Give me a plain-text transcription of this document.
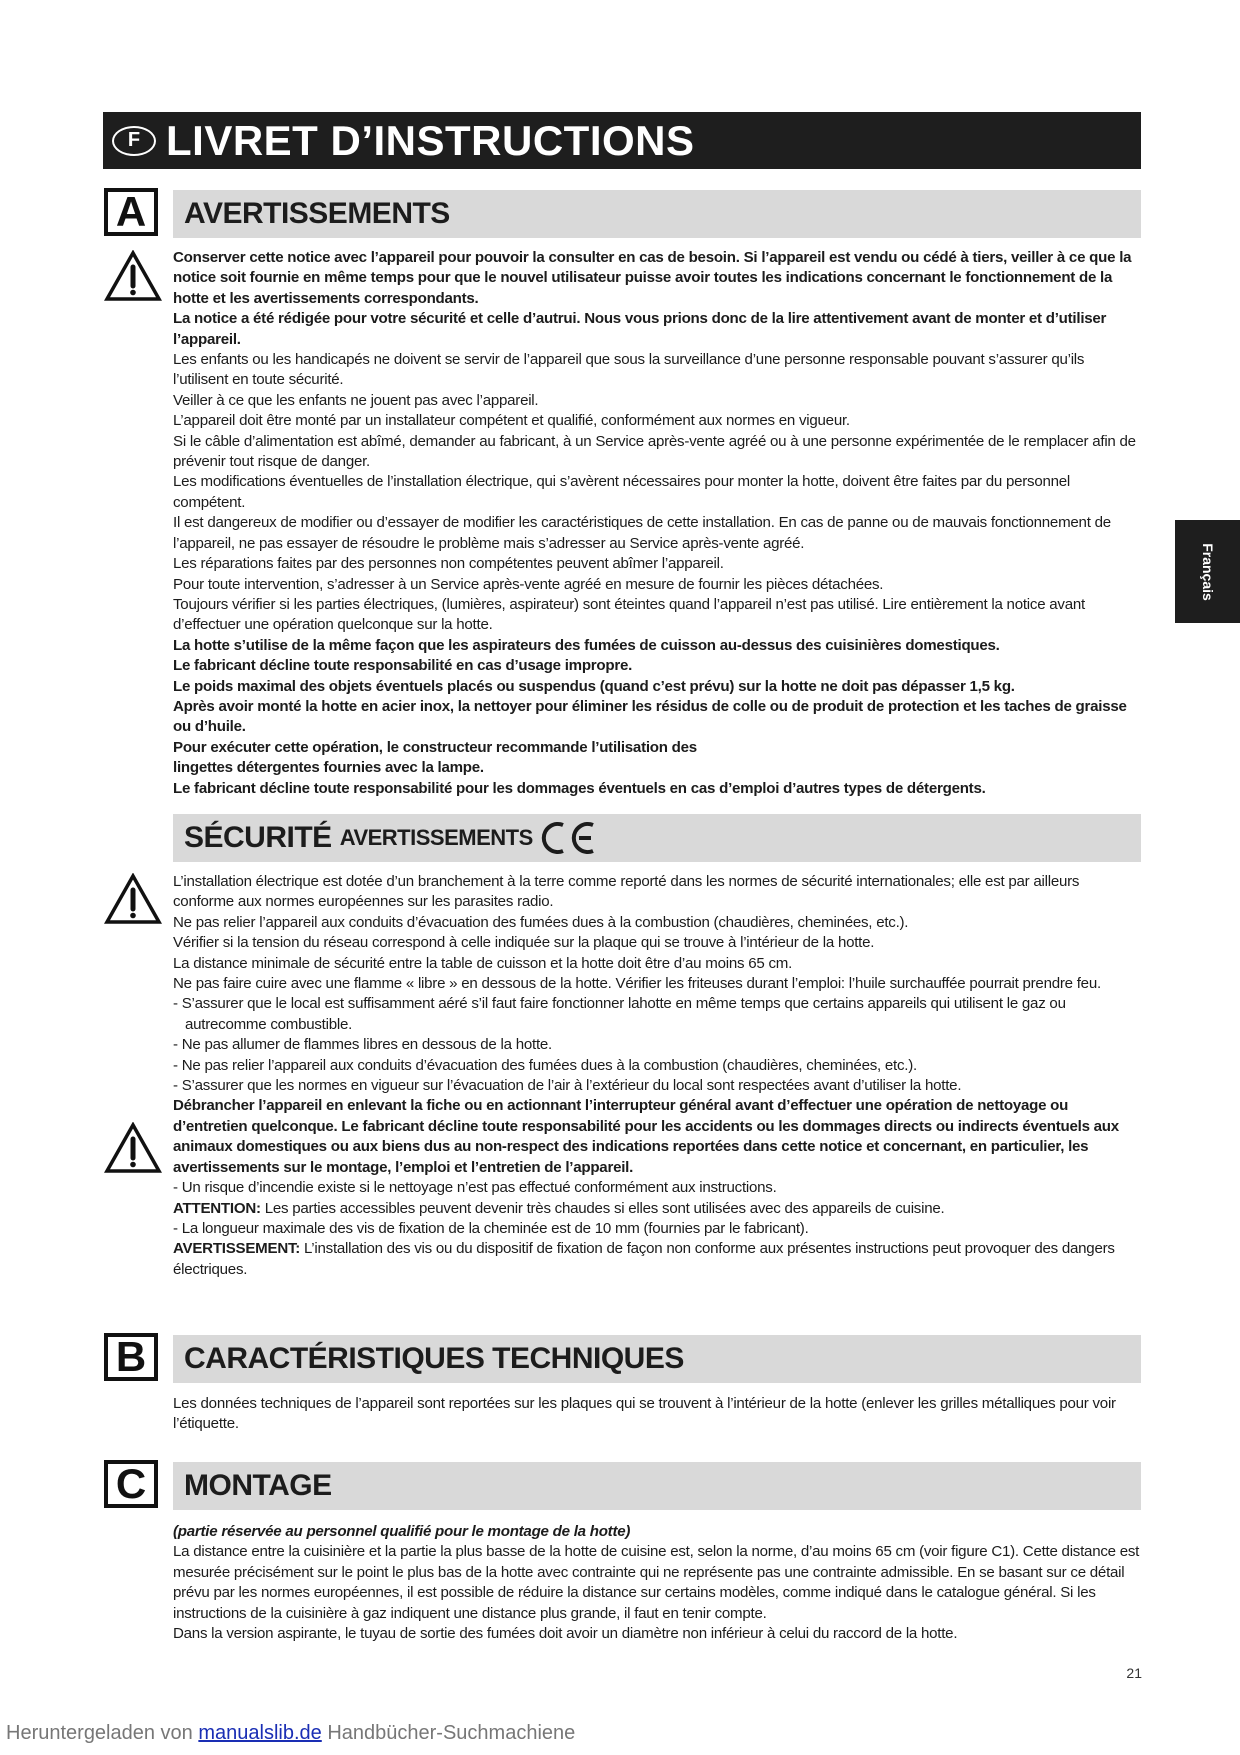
F LIVRET D’INSTRUCTIONS
Français
A	AVERTISSEMENTS

Conserver cette notice avec l’appareil pour pouvoir la consulter en cas de besoin. Si l’appareil est vendu ou cédé à tiers, veiller à ce que la notice soit fournie en même temps pour que le nouvel utilisateur puisse avoir toutes les indications concernant le fonctionnement de la hotte et les avertissements correspondants.

La notice a été rédigée pour votre sécurité et celle d’autrui. Nous vous prions donc de la lire attentivement avant de monter et d’utiliser l’appareil.

Les enfants ou les handicapés ne doivent se servir de l’appareil que sous la surveillance d’une personne responsable pouvant s’assurer qu’ils l’utilisent en toute sécurité.

Veiller à ce que les enfants ne jouent pas avec l’appareil.

L’appareil doit être monté par un installateur compétent et qualifié, conformément aux normes en vigueur.

Si le câble d’alimentation est abîmé, demander au fabricant, à un Service après-vente agréé ou à une personne expérimentée de le remplacer afin de prévenir tout risque de danger.

Les modifications éventuelles de l’installation électrique, qui s’avèrent nécessaires pour monter la hotte, doivent être faites par du personnel compétent.

Il est dangereux de modifier ou d’essayer de modifier les caractéristiques de cette installation. En cas de panne ou de mauvais fonctionnement de l’appareil, ne pas essayer de résoudre le problème mais s’adresser au Service après-vente agréé.

Les réparations faites par des personnes non compétentes peuvent abîmer l’appareil.

Pour toute intervention, s’adresser à un Service après-vente agréé en mesure de fournir les pièces détachées.

Toujours vérifier si les parties électriques, (lumières, aspirateur) sont éteintes quand l’appareil n’est pas utilisé. Lire entièrement la notice avant d’effectuer une opération quelconque sur la hotte.

La hotte s’utilise de la même façon que les aspirateurs des fumées de cuisson au-dessus des cuisinières domestiques.

Le fabricant décline toute responsabilité en cas d’usage impropre.

Le poids maximal des objets éventuels placés ou suspendus (quand c’est prévu) sur la hotte ne doit pas dépasser 1,5 kg.

Après avoir monté la hotte en acier inox, la nettoyer pour éliminer les résidus de colle ou de produit de protection et les taches de graisse ou d’huile.

Pour exécuter cette opération, le constructeur recommande l’utilisation des

lingettes détergentes fournies avec la lampe.

Le fabricant décline toute responsabilité pour les dommages éventuels en cas d’emploi d’autres types de détergents.

SÉCURITÉ AVERTISSEMENTS

L’installation électrique est dotée d’un branchement à la terre comme reporté dans les normes de sécurité internationales; elle est par ailleurs conforme aux normes européennes sur les parasites radio.

Ne pas relier l’appareil aux conduits d’évacuation des fumées dues à la combustion (chaudières, cheminées, etc.).

Vérifier si la tension du réseau correspond à celle indiquée sur la plaque qui se trouve à l’intérieur de la hotte.

La distance minimale de sécurité entre la table de cuisson et la hotte doit être d’au moins 65 cm.

Ne pas faire cuire avec une flamme « libre » en dessous de la hotte. Vérifier les friteuses durant l’emploi: l’huile surchauffée pourrait prendre feu.

- S’assurer que le local est suffisamment aéré s’il faut faire fonctionner lahotte en même temps que certains appareils qui utilisent le gaz ou autrecomme combustible.

- Ne pas allumer de flammes libres en dessous de la hotte.

- Ne pas relier l’appareil aux conduits d’évacuation des fumées dues à la combustion (chaudières, cheminées, etc.).

- S’assurer que les normes en vigueur sur l’évacuation de l’air à l’extérieur du local sont respectées avant d’utiliser la hotte.

Débrancher l’appareil en enlevant la fiche ou en actionnant l’interrupteur général avant d’effectuer une opération de nettoyage ou d’entretien quelconque. Le fabricant décline toute responsabilité pour les accidents ou les dommages directs ou indirects éventuels aux animaux domestiques ou aux biens dus au non-respect des indications reportées dans cette notice et concernant, en particulier, les avertissements sur le montage, l’emploi et l’entretien de l’appareil.

- Un risque d’incendie existe si le nettoyage n’est pas effectué conformément aux instructions.

ATTENTION: Les parties accessibles peuvent devenir très chaudes si elles sont utilisées avec des appareils de cuisine.

- La longueur maximale des vis de fixation de la cheminée est de 10 mm (fournies par le fabricant).

AVERTISSEMENT: L’installation des vis ou du dispositif de fixation de façon non conforme aux présentes instructions peut provoquer des dangers électriques.

B	CARACTÉRISTIQUES TECHNIQUES

Les données techniques de l’appareil sont reportées sur les plaques qui se trouvent à l’intérieur de la hotte (enlever les grilles métalliques pour voir l’étiquette.

C	MONTAGE

(partie réservée au personnel qualifié pour le montage de la hotte)

La distance entre la cuisinière et la partie la plus basse de la hotte de cuisine est, selon la norme, d’au moins 65 cm (voir figure C1). Cette distance est mesurée précisément sur le point le plus bas de la hotte avec contrainte qui ne représente pas une contrainte admissible. En se basant sur ce détail prévu par les normes européennes, il est possible de réduire la distance sur certains modèles, comme indiqué dans le catalogue général. Si les instructions de la cuisinière à gaz indiquent une distance plus grande, il faut en tenir compte.

Dans la version aspirante, le tuyau de sortie des fumées doit avoir un diamètre non inférieur à celui du raccord de la hotte.

21
Heruntergeladen von manualslib.de Handbücher-Suchmachiene
